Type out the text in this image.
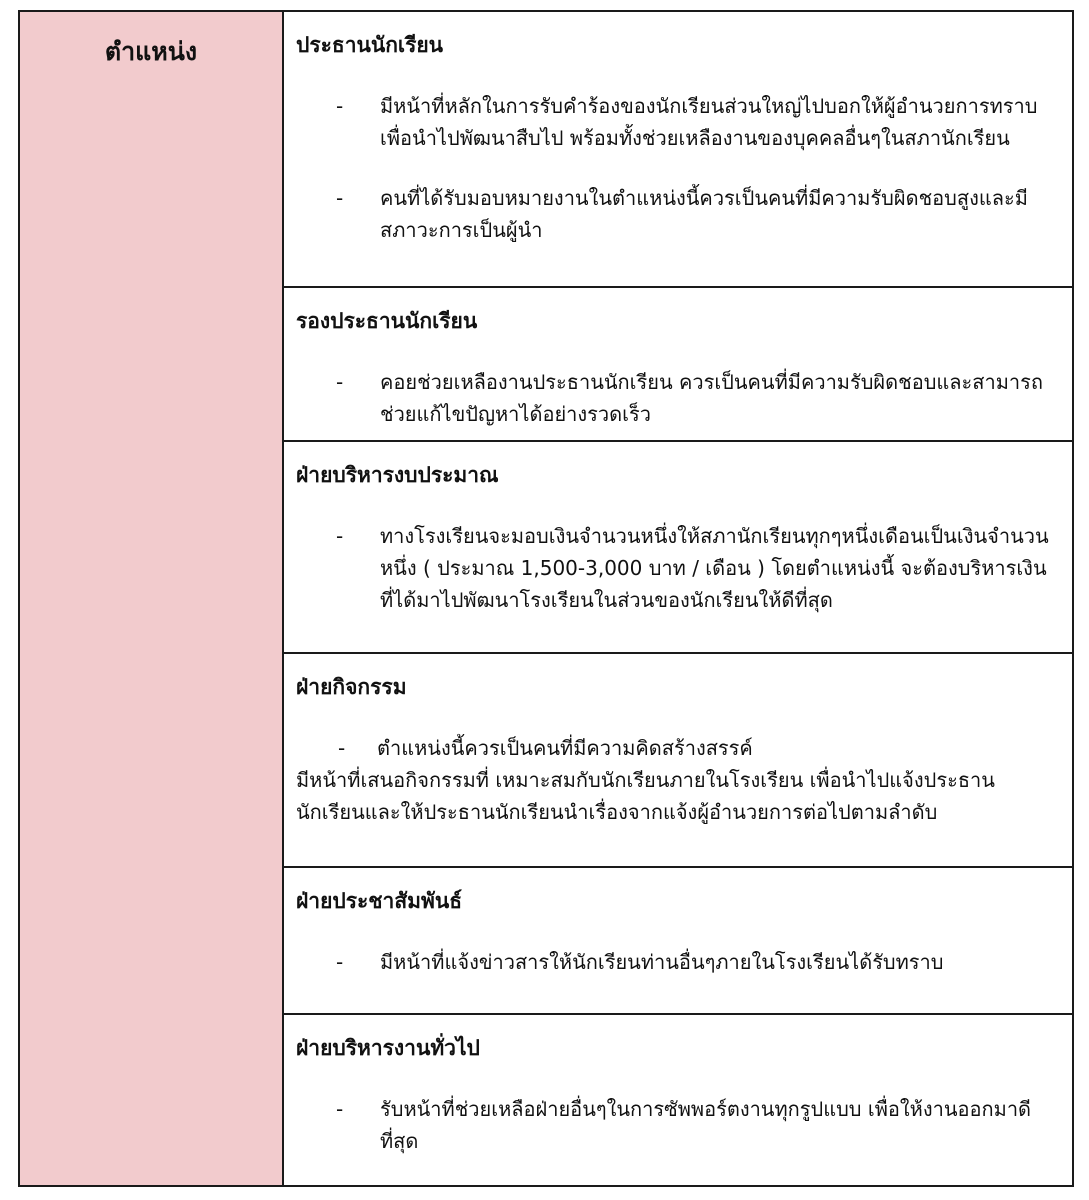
ตำแหน่ง	ประธานนักเรียน
- มีหน้าที่หลักในการรับคำร้องของนักเรียนส่วนใหญ่ไปบอกให้ผู้อำนวยการทราบเพื่อนำไปพัฒนาสืบไป พร้อมทั้งช่วยเหลืองานของบุคคลอื่นๆในสภานักเรียน
- คนที่ได้รับมอบหมายงานในตำแหน่งนี้ควรเป็นคนที่มีความรับผิดชอบสูงและมีสภาวะการเป็นผู้นำ
รองประธานนักเรียน
- คอยช่วยเหลืองานประธานนักเรียน ควรเป็นคนที่มีความรับผิดชอบและสามารถช่วยแก้ไขปัญหาได้อย่างรวดเร็ว
ฝ่ายบริหารงบประมาณ
- ทางโรงเรียนจะมอบเงินจำนวนหนึ่งให้สภานักเรียนทุกๆหนึ่งเดือนเป็นเงินจำนวนหนึ่ง ( ประมาณ 1,500-3,000 บาท / เดือน ) โดยตำแหน่งนี้ จะต้องบริหารเงินที่ได้มาไปพัฒนาโรงเรียนในส่วนของนักเรียนให้ดีที่สุด
ฝ่ายกิจกรรม
- ตำแหน่งนี้ควรเป็นคนที่มีความคิดสร้างสรรค์
มีหน้าที่เสนอกิจกรรมที่ เหมาะสมกับนักเรียนภายในโรงเรียน เพื่อนำไปแจ้งประธานนักเรียนและให้ประธานนักเรียนนำเรื่องจากแจ้งผู้อำนวยการต่อไปตามลำดับ
ฝ่ายประชาสัมพันธ์
- มีหน้าที่แจ้งข่าวสารให้นักเรียนท่านอื่นๆภายในโรงเรียนได้รับทราบ
ฝ่ายบริหารงานทั่วไป
- รับหน้าที่ช่วยเหลือฝ่ายอื่นๆในการซัพพอร์ตงานทุกรูปแบบ เพื่อให้งานออกมาดีที่สุด
